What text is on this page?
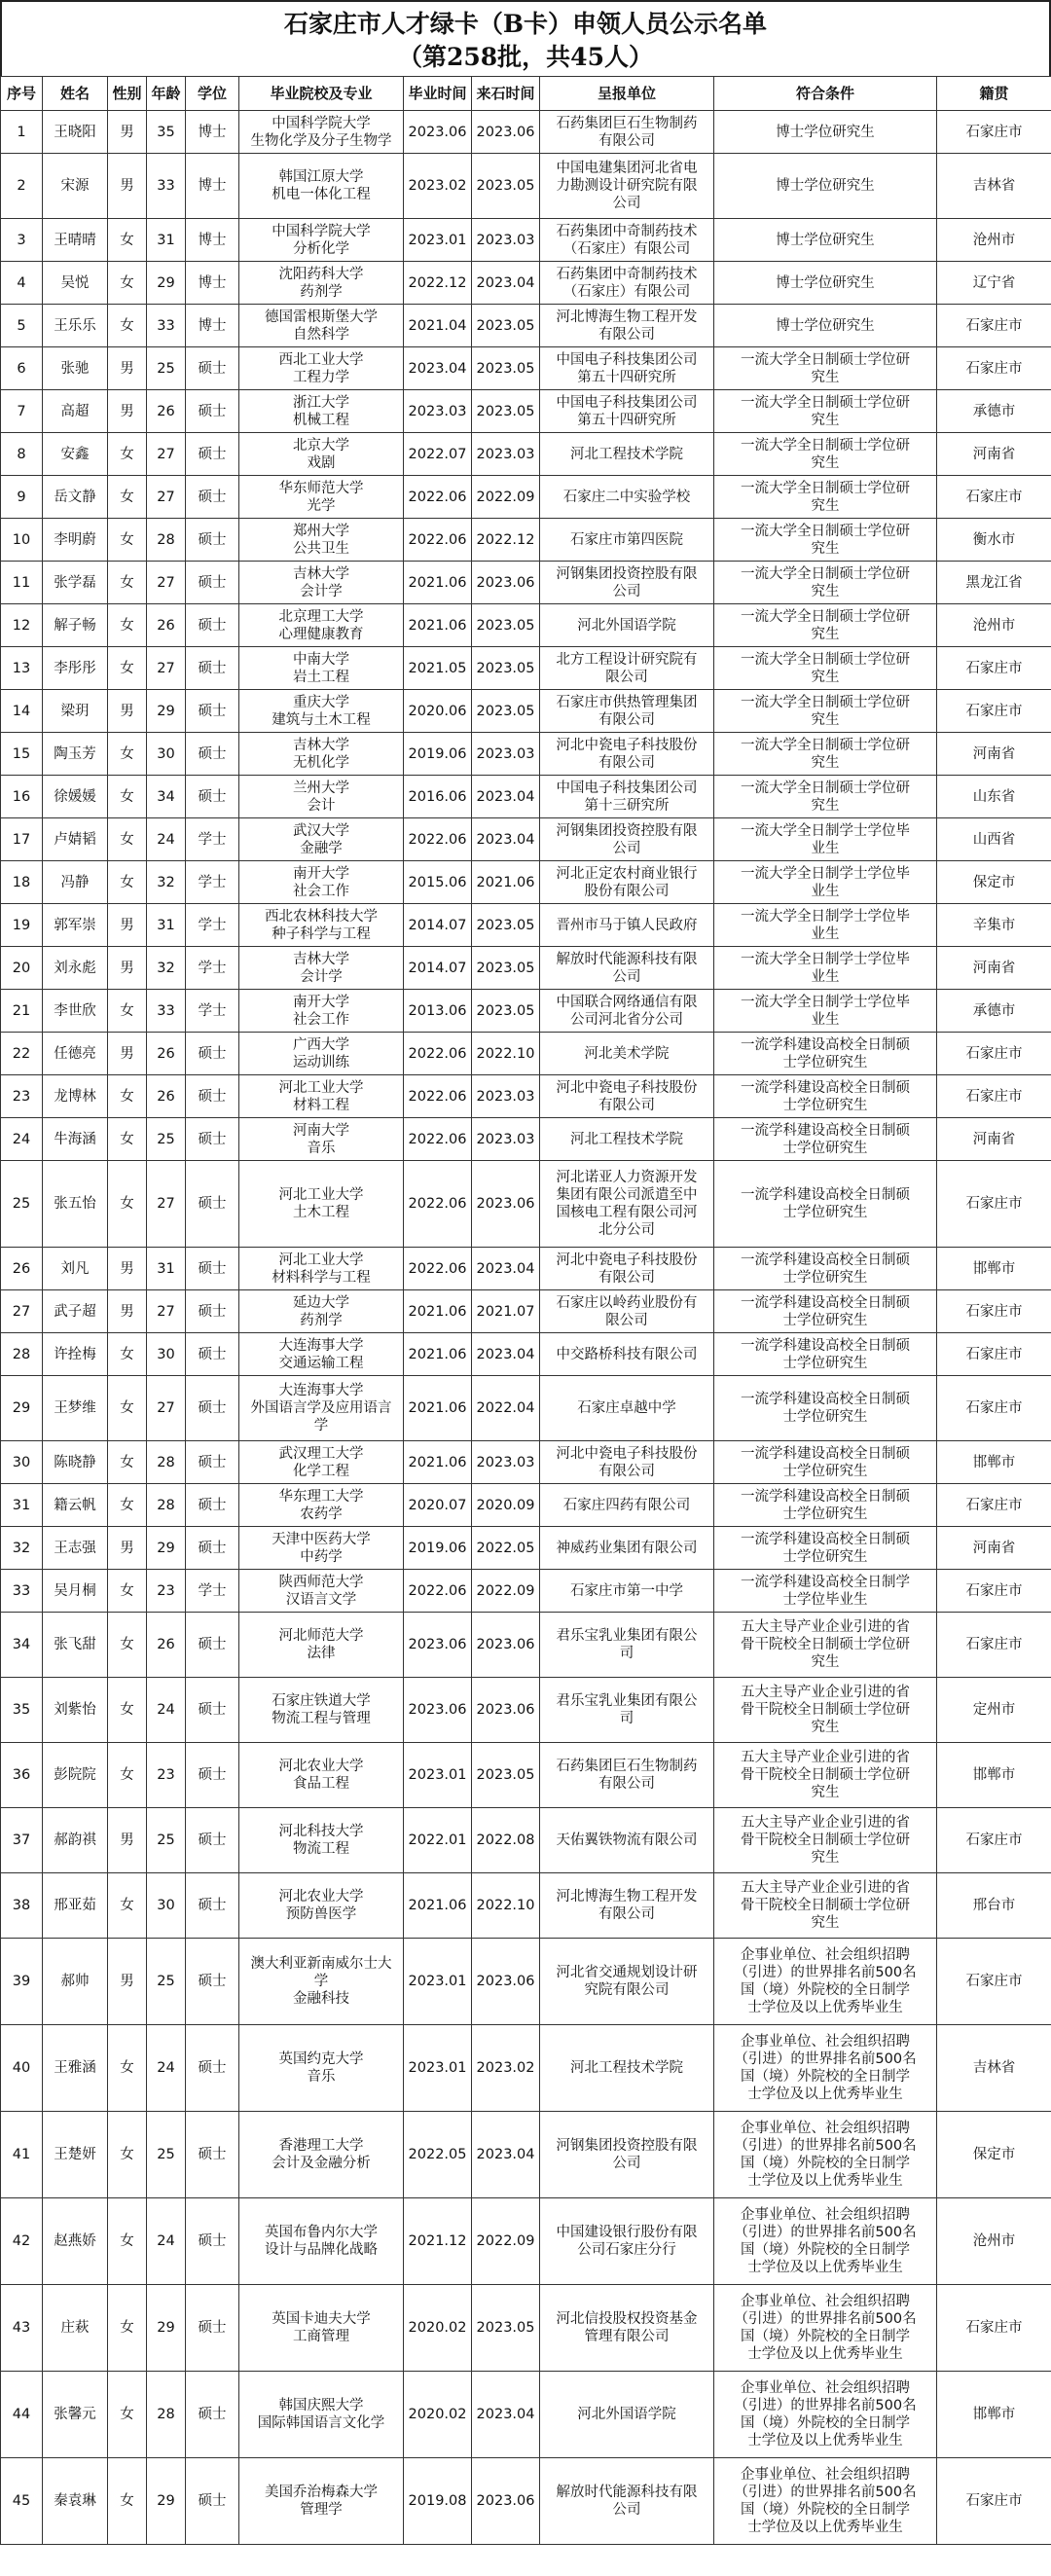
石家庄市人才绿卡（B卡）申领人员公示名单
（第258批，共45人）
序号	姓名	性别	年龄	学位	毕业院校及专业	毕业时间	来石时间	呈报单位	符合条件	籍贯
1	王晓阳	男	35	博士	中国科学院大学
生物化学及分子生物学	2023.06	2023.06	石药集团巨石生物制药
有限公司	博士学位研究生	石家庄市
2	宋源	男	33	博士	韩国江原大学
机电一体化工程	2023.02	2023.05	中国电建集团河北省电
力勘测设计研究院有限
公司	博士学位研究生	吉林省
3	王晴晴	女	31	博士	中国科学院大学
分析化学	2023.01	2023.03	石药集团中奇制药技术
（石家庄）有限公司	博士学位研究生	沧州市
4	吴悦	女	29	博士	沈阳药科大学
药剂学	2022.12	2023.04	石药集团中奇制药技术
（石家庄）有限公司	博士学位研究生	辽宁省
5	王乐乐	女	33	博士	德国雷根斯堡大学
自然科学	2021.04	2023.05	河北博海生物工程开发
有限公司	博士学位研究生	石家庄市
6	张驰	男	25	硕士	西北工业大学
工程力学	2023.04	2023.05	中国电子科技集团公司
第五十四研究所	一流大学全日制硕士学位研
究生	石家庄市
7	高超	男	26	硕士	浙江大学
机械工程	2023.03	2023.05	中国电子科技集团公司
第五十四研究所	一流大学全日制硕士学位研
究生	承德市
8	安鑫	女	27	硕士	北京大学
戏剧	2022.07	2023.03	河北工程技术学院	一流大学全日制硕士学位研
究生	河南省
9	岳文静	女	27	硕士	华东师范大学
光学	2022.06	2022.09	石家庄二中实验学校	一流大学全日制硕士学位研
究生	石家庄市
10	李明蔚	女	28	硕士	郑州大学
公共卫生	2022.06	2022.12	石家庄市第四医院	一流大学全日制硕士学位研
究生	衡水市
11	张学磊	女	27	硕士	吉林大学
会计学	2021.06	2023.06	河钢集团投资控股有限
公司	一流大学全日制硕士学位研
究生	黑龙江省
12	解子畅	女	26	硕士	北京理工大学
心理健康教育	2021.06	2023.05	河北外国语学院	一流大学全日制硕士学位研
究生	沧州市
13	李彤彤	女	27	硕士	中南大学
岩土工程	2021.05	2023.05	北方工程设计研究院有
限公司	一流大学全日制硕士学位研
究生	石家庄市
14	梁玥	男	29	硕士	重庆大学
建筑与土木工程	2020.06	2023.05	石家庄市供热管理集团
有限公司	一流大学全日制硕士学位研
究生	石家庄市
15	陶玉芳	女	30	硕士	吉林大学
无机化学	2019.06	2023.03	河北中瓷电子科技股份
有限公司	一流大学全日制硕士学位研
究生	河南省
16	徐媛媛	女	34	硕士	兰州大学
会计	2016.06	2023.04	中国电子科技集团公司
第十三研究所	一流大学全日制硕士学位研
究生	山东省
17	卢婧韬	女	24	学士	武汉大学
金融学	2022.06	2023.04	河钢集团投资控股有限
公司	一流大学全日制学士学位毕
业生	山西省
18	冯静	女	32	学士	南开大学
社会工作	2015.06	2021.06	河北正定农村商业银行
股份有限公司	一流大学全日制学士学位毕
业生	保定市
19	郭军崇	男	31	学士	西北农林科技大学
种子科学与工程	2014.07	2023.05	晋州市马于镇人民政府	一流大学全日制学士学位毕
业生	辛集市
20	刘永彪	男	32	学士	吉林大学
会计学	2014.07	2023.05	解放时代能源科技有限
公司	一流大学全日制学士学位毕
业生	河南省
21	李世欣	女	33	学士	南开大学
社会工作	2013.06	2023.05	中国联合网络通信有限
公司河北省分公司	一流大学全日制学士学位毕
业生	承德市
22	任德亮	男	26	硕士	广西大学
运动训练	2022.06	2022.10	河北美术学院	一流学科建设高校全日制硕
士学位研究生	石家庄市
23	龙博林	女	26	硕士	河北工业大学
材料工程	2022.06	2023.03	河北中瓷电子科技股份
有限公司	一流学科建设高校全日制硕
士学位研究生	石家庄市
24	牛海涵	女	25	硕士	河南大学
音乐	2022.06	2023.03	河北工程技术学院	一流学科建设高校全日制硕
士学位研究生	河南省
25	张五怡	女	27	硕士	河北工业大学
土木工程	2022.06	2023.06	河北诺亚人力资源开发
集团有限公司派遣至中
国核电工程有限公司河
北分公司	一流学科建设高校全日制硕
士学位研究生	石家庄市
26	刘凡	男	31	硕士	河北工业大学
材料科学与工程	2022.06	2023.04	河北中瓷电子科技股份
有限公司	一流学科建设高校全日制硕
士学位研究生	邯郸市
27	武子超	男	27	硕士	延边大学
药剂学	2021.06	2021.07	石家庄以岭药业股份有
限公司	一流学科建设高校全日制硕
士学位研究生	石家庄市
28	许拴梅	女	30	硕士	大连海事大学
交通运输工程	2021.06	2023.04	中交路桥科技有限公司	一流学科建设高校全日制硕
士学位研究生	石家庄市
29	王梦维	女	27	硕士	大连海事大学
外国语言学及应用语言
学	2021.06	2022.04	石家庄卓越中学	一流学科建设高校全日制硕
士学位研究生	石家庄市
30	陈晓静	女	28	硕士	武汉理工大学
化学工程	2021.06	2023.03	河北中瓷电子科技股份
有限公司	一流学科建设高校全日制硕
士学位研究生	邯郸市
31	籍云帆	女	28	硕士	华东理工大学
农药学	2020.07	2020.09	石家庄四药有限公司	一流学科建设高校全日制硕
士学位研究生	石家庄市
32	王志强	男	29	硕士	天津中医药大学
中药学	2019.06	2022.05	神威药业集团有限公司	一流学科建设高校全日制硕
士学位研究生	河南省
33	吴月桐	女	23	学士	陕西师范大学
汉语言文学	2022.06	2022.09	石家庄市第一中学	一流学科建设高校全日制学
士学位毕业生	石家庄市
34	张飞甜	女	26	硕士	河北师范大学
法律	2023.06	2023.06	君乐宝乳业集团有限公
司	五大主导产业企业引进的省
骨干院校全日制硕士学位研
究生	石家庄市
35	刘紫怡	女	24	硕士	石家庄铁道大学
物流工程与管理	2023.06	2023.06	君乐宝乳业集团有限公
司	五大主导产业企业引进的省
骨干院校全日制硕士学位研
究生	定州市
36	彭院院	女	23	硕士	河北农业大学
食品工程	2023.01	2023.05	石药集团巨石生物制药
有限公司	五大主导产业企业引进的省
骨干院校全日制硕士学位研
究生	邯郸市
37	郝韵祺	男	25	硕士	河北科技大学
物流工程	2022.01	2022.08	天佑翼铁物流有限公司	五大主导产业企业引进的省
骨干院校全日制硕士学位研
究生	石家庄市
38	邢亚茹	女	30	硕士	河北农业大学
预防兽医学	2021.06	2022.10	河北博海生物工程开发
有限公司	五大主导产业企业引进的省
骨干院校全日制硕士学位研
究生	邢台市
39	郝帅	男	25	硕士	澳大利亚新南威尔士大
学
金融科技	2023.01	2023.06	河北省交通规划设计研
究院有限公司	企事业单位、社会组织招聘
（引进）的世界排名前500名
国（境）外院校的全日制学
士学位及以上优秀毕业生	石家庄市
40	王雅涵	女	24	硕士	英国约克大学
音乐	2023.01	2023.02	河北工程技术学院	企事业单位、社会组织招聘
（引进）的世界排名前500名
国（境）外院校的全日制学
士学位及以上优秀毕业生	吉林省
41	王楚妍	女	25	硕士	香港理工大学
会计及金融分析	2022.05	2023.04	河钢集团投资控股有限
公司	企事业单位、社会组织招聘
（引进）的世界排名前500名
国（境）外院校的全日制学
士学位及以上优秀毕业生	保定市
42	赵燕娇	女	24	硕士	英国布鲁内尔大学
设计与品牌化战略	2021.12	2022.09	中国建设银行股份有限
公司石家庄分行	企事业单位、社会组织招聘
（引进）的世界排名前500名
国（境）外院校的全日制学
士学位及以上优秀毕业生	沧州市
43	庄萩	女	29	硕士	英国卡迪夫大学
工商管理	2020.02	2023.05	河北信投股权投资基金
管理有限公司	企事业单位、社会组织招聘
（引进）的世界排名前500名
国（境）外院校的全日制学
士学位及以上优秀毕业生	石家庄市
44	张馨元	女	28	硕士	韩国庆熙大学
国际韩国语言文化学	2020.02	2023.04	河北外国语学院	企事业单位、社会组织招聘
（引进）的世界排名前500名
国（境）外院校的全日制学
士学位及以上优秀毕业生	邯郸市
45	秦袁琳	女	29	硕士	美国乔治梅森大学
管理学	2019.08	2023.06	解放时代能源科技有限
公司	企事业单位、社会组织招聘
（引进）的世界排名前500名
国（境）外院校的全日制学
士学位及以上优秀毕业生	石家庄市
